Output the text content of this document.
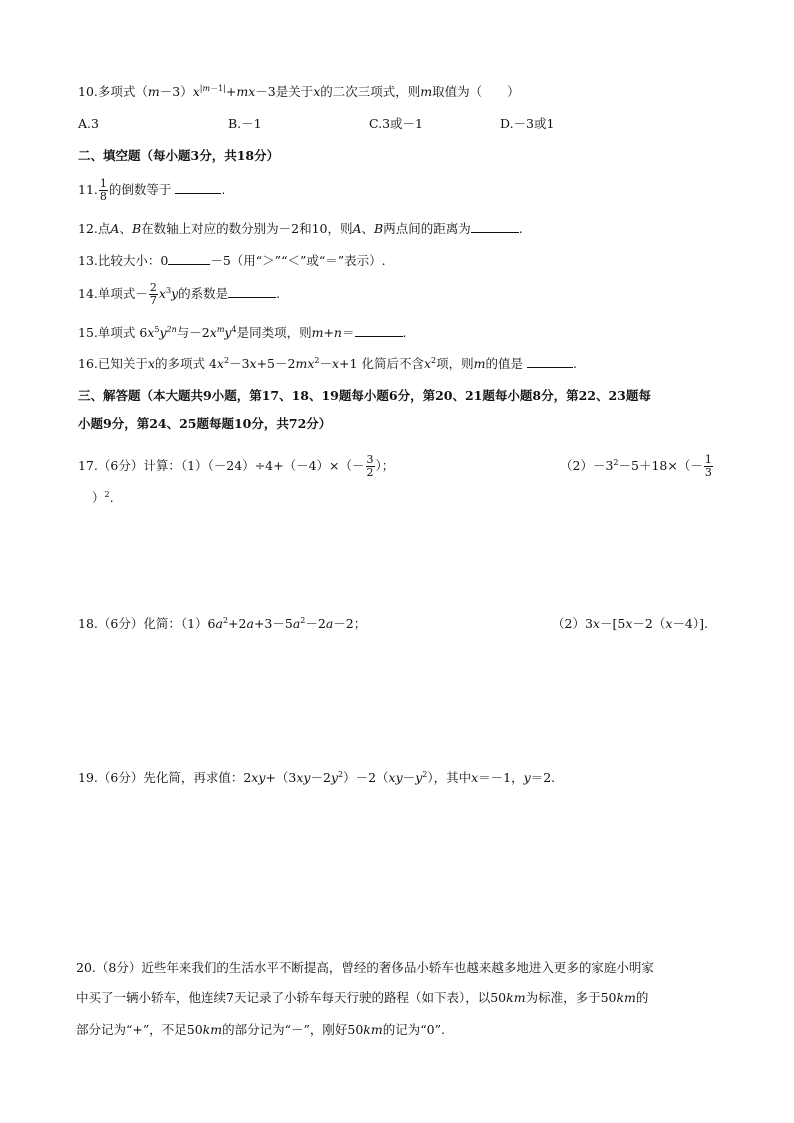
10.多项式$(m-3)x^{|m-1|}+mx-3$是关于x的二次三项式，则m取值为（　　）
A.3	B.－1	C.3或－1	D.－3或1
二、填空题（每小题3分，共18分）
11. $\frac{1}{8}$ 的倒数等于	.
12.点A、B在数轴上对应的数分别为－2和10，则A、B两点间的距离为	.
13.比较大小：0	－5（用“＞”“＜”或“＝”表示）.
14.单项式－ $\frac{2}{7} x^3y$的系数是	.
15.单项式 $6x^5y^{2n}$与$-2x^my^4$是同类项，则m+n＝	.
16.已知关于x的多项式 $4x^2-3x+5-2mx^2-x+1$ 化简后不含$x^2$项，则m的值是	.
三、解答题（本大题共9小题，第17、18、19题每小题6分，第20、21题每小题8分，第22、23题每
小题9分，第24、25题每题10分，共72分）
17.（6分）计算：$(1)(-24)\div 4+(-4)\times(- \frac{3}{2}$ ）；	$(2)-3^2-5+18\times(- \frac{1}{3}$
）$^2$.
18.（6分）化简：$(1)6a^2+2a+3-5a^2-2a-2$；	（2）3x－[5x－2（x－4）].
19.（6分）先化简，再求值：$2xy+(3xy-2y^2)-2(xy-y^2)$，其中x＝－1，y＝2.
20.（8分）近些年来我们的生活水平不断提高，曾经的奢侈品小轿车也越来越多地进入更多的家庭小明家
中买了一辆小轿车，他连续7天记录了小轿车每天行驶的路程（如下表），以50km为标准，多于50km的
部分记为“+”，不足50km的部分记为“－”，刚好50km的记为“0”.
